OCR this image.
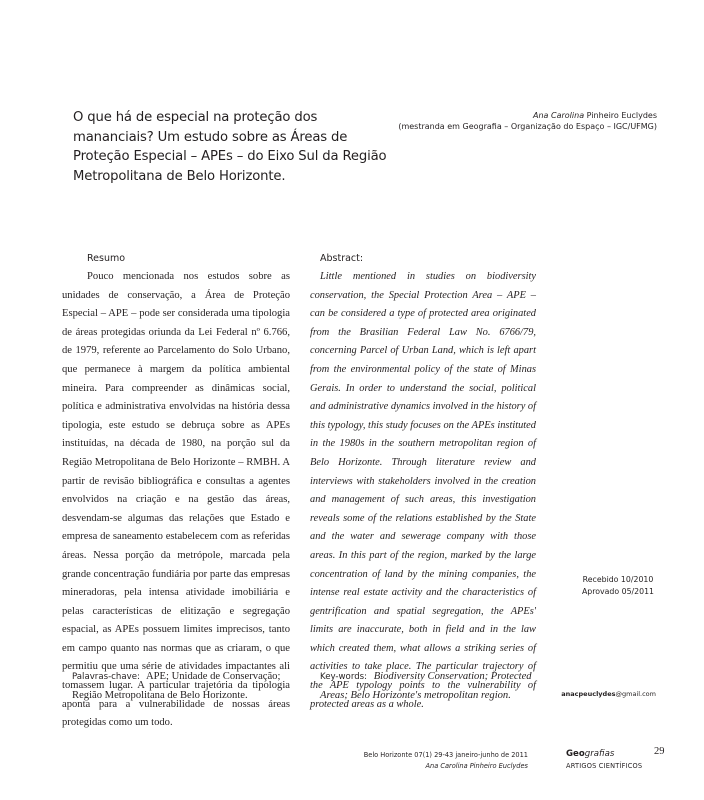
O que há de especial na proteção dos mananciais? Um estudo sobre as Áreas de Proteção Especial – APEs – do Eixo Sul da Região Metropolitana de Belo Horizonte.
Ana Carolina Pinheiro Euclydes
(mestranda em Geografia – Organização do Espaço – IGC/UFMG)
Resumo

Pouco mencionada nos estudos sobre as unidades de conservação, a Área de Proteção Especial – APE – pode ser considerada uma tipologia de áreas protegidas oriunda da Lei Federal nº 6.766, de 1979, referente ao Parcelamento do Solo Urbano, que permanece à margem da política ambiental mineira. Para compreender as dinâmicas social, política e administrativa envolvidas na história dessa tipologia, este estudo se debruça sobre as APEs instituídas, na década de 1980, na porção sul da Região Metropolitana de Belo Horizonte – RMBH. A partir de revisão bibliográfica e consultas a agentes envolvidos na criação e na gestão das áreas, desvendam-se algumas das relações que Estado e empresa de saneamento estabelecem com as referidas áreas. Nessa porção da metrópole, marcada pela grande concentração fundiária por parte das empresas mineradoras, pela intensa atividade imobiliária e pelas características de elitização e segregação espacial, as APEs possuem limites imprecisos, tanto em campo quanto nas normas que as criaram, o que permitiu que uma série de atividades impactantes ali tomassem lugar. A particular trajetória da tipologia aponta para a vulnerabilidade de nossas áreas protegidas como um todo.

Abstract:

Little mentioned in studies on biodiversity conservation, the Special Protection Area – APE – can be considered a type of protected area originated from the Brasilian Federal Law No. 6766/79, concerning Parcel of Urban Land, which is left apart from the environmental policy of the state of Minas Gerais. In order to understand the social, political and administrative dynamics involved in the history of this typology, this study focuses on the APEs instituted in the 1980s in the southern metropolitan region of Belo Horizonte. Through literature review and interviews with stakeholders involved in the creation and management of such areas, this investigation reveals some of the relations established by the State and the water and sewerage company with those areas. In this part of the region, marked by the large concentration of land by the mining companies, the intense real estate activity and the characteristics of gentrification and spatial segregation, the APEs' limits are inaccurate, both in field and in the law which created them, what allows a striking series of activities to take place. The particular trajectory of the APE typology points to the vulnerability of protected areas as a whole.

Recebido 10/2010
Aprovado 05/2011
Palavras-chave: APE; Unidade de Conservação; Região Metropolitana de Belo Horizonte.
Key-words: Biodiversity Conservation; Protected Areas; Belo Horizonte's metropolitan region.	anacpeuclydes@gmail.com
Belo Horizonte 07(1) 29-43 janeiro-junho de 2011
Ana Carolina Pinheiro Euclydes
Geografias
ARTIGOS CIENTÍFICOS
29
